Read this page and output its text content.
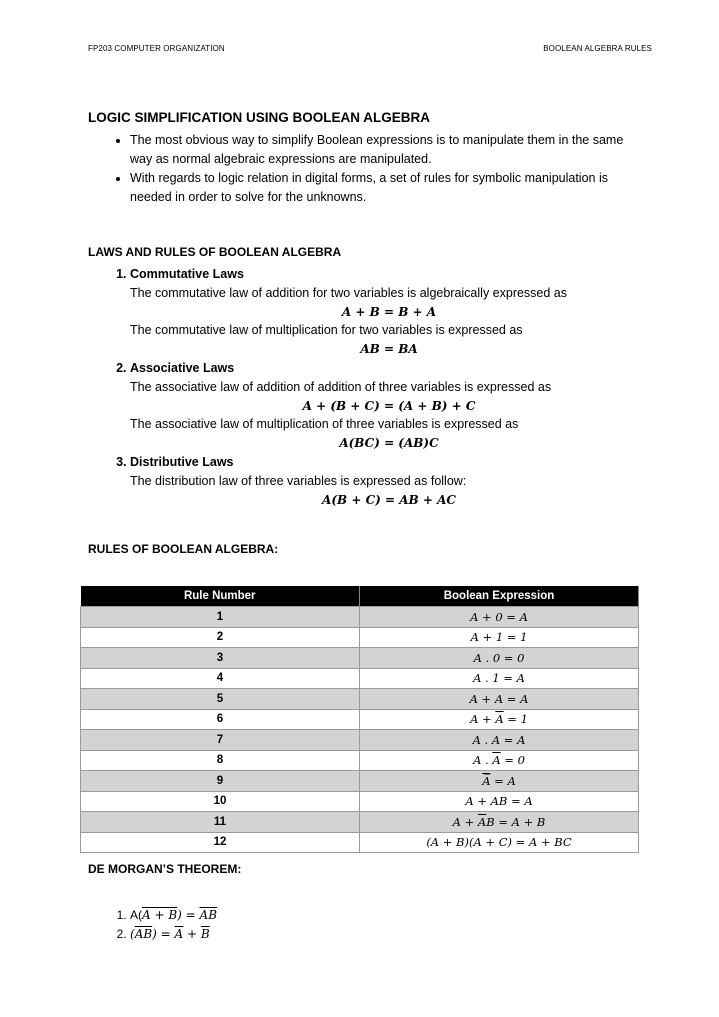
FP203 COMPUTER ORGANIZATION	BOOLEAN ALGEBRA RULES

LOGIC SIMPLIFICATION USING BOOLEAN ALGEBRA

• The most obvious way to simplify Boolean expressions is to manipulate them in the same way as normal algebraic expressions are manipulated.
• With regards to logic relation in digital forms, a set of rules for symbolic manipulation is needed in order to solve for the unknowns.

LAWS AND RULES OF BOOLEAN ALGEBRA

1. Commutative Laws
The commutative law of addition for two variables is algebraically expressed as
A + B = B + A
The commutative law of multiplication for two variables is expressed as
AB = BA
2. Associative Laws
The associative law of addition of addition of three variables is expressed as
A + (B + C) = (A + B) + C
The associative law of multiplication of three variables is expressed as
A(BC) = (AB)C
3. Distributive Laws
The distribution law of three variables is expressed as follow:
A(B + C) = AB + AC

RULES OF BOOLEAN ALGEBRA:

Rule Number	Boolean Expression
1	A + 0 = A
2	A + 1 = 1
3	A . 0 = 0
4	A . 1 = A
5	A + A = A
6	$A + \overline{A} = 1$
7	A . A = A
8	A . $\overline{A} = 0$
9	A̅ = A
10	A + AB = A
11	$A + \overline{A}B = A + B$
12	(A + B)(A + C) = A + BC
DE MORGAN’S THEOREM:
1. $A(A + B) = \overline{A}\overline{B}$
2. $(\overline{AB}) = \overline{A} + \overline{B}$
